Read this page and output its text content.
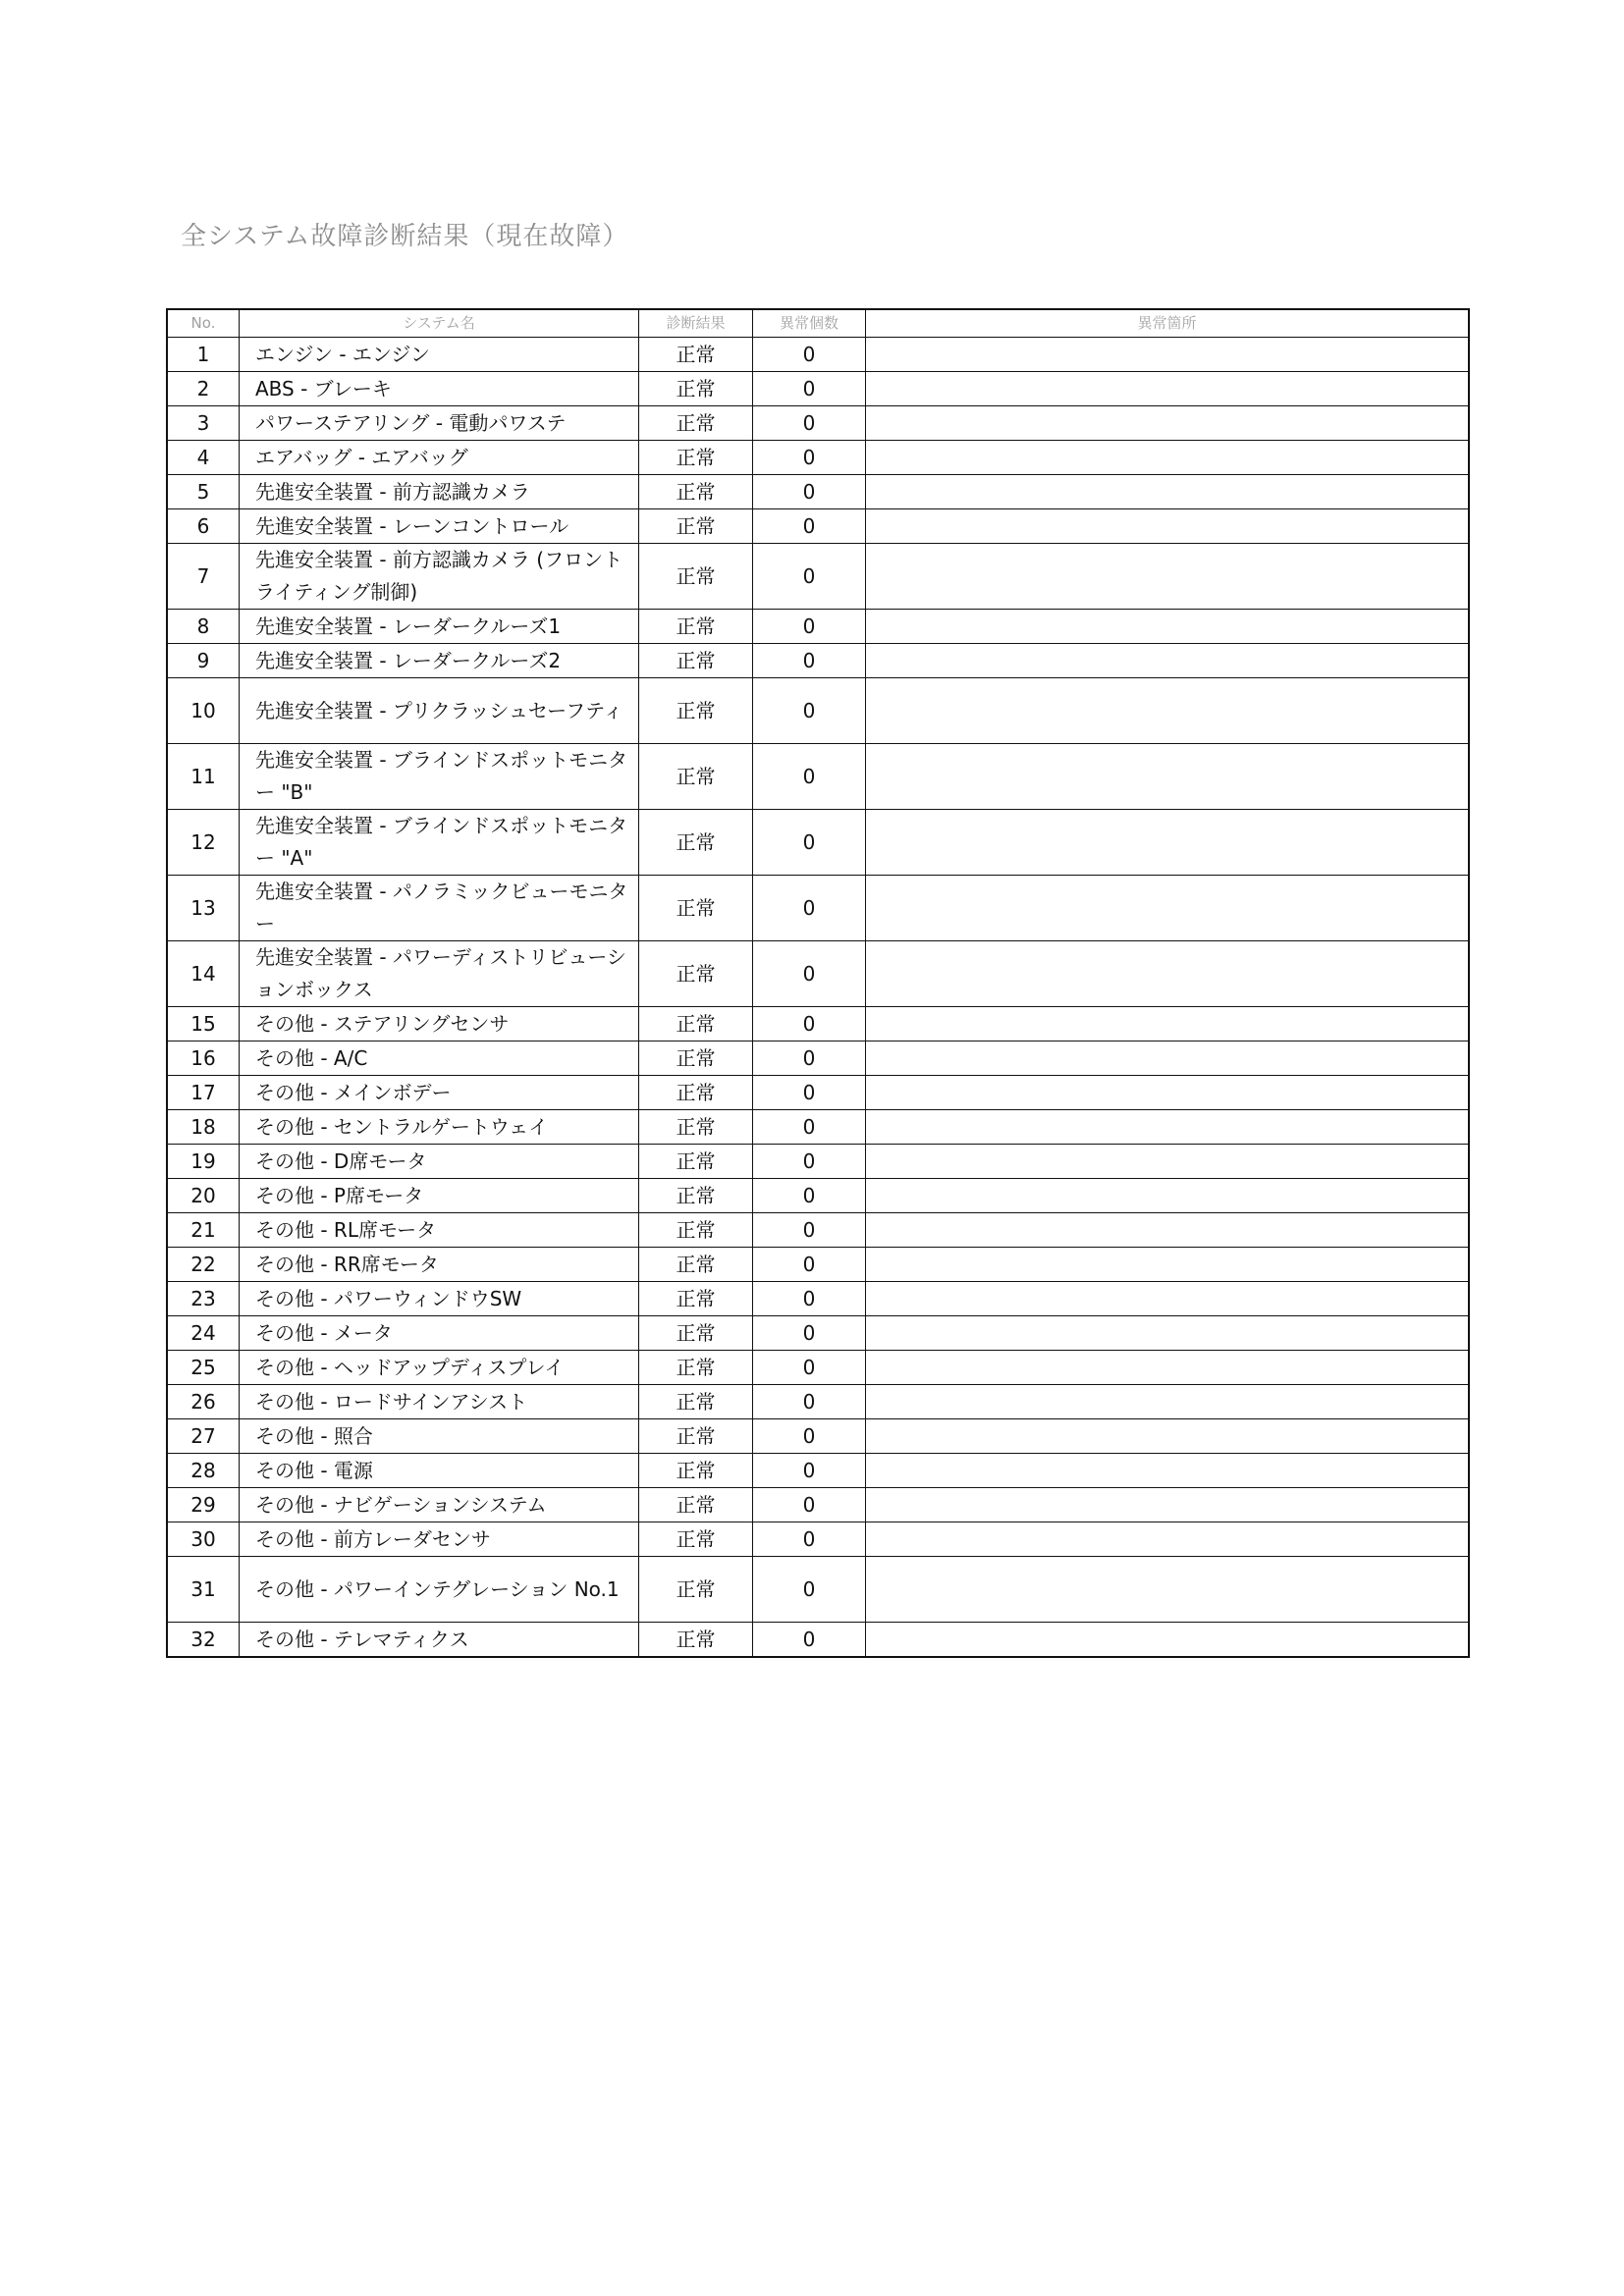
全システム故障診断結果（現在故障）
No.	システム名	診断結果	異常個数	異常箇所
1	エンジン - エンジン	正常	0	
2	ABS - ブレーキ	正常	0	
3	パワーステアリング - 電動パワステ	正常	0	
4	エアバッグ - エアバッグ	正常	0	
5	先進安全装置 - 前方認識カメラ	正常	0	
6	先進安全装置 - レーンコントロール	正常	0	
7	先進安全装置 - 前方認識カメラ (フロントライティング制御)	正常	0	
8	先進安全装置 - レーダークルーズ1	正常	0	
9	先進安全装置 - レーダークルーズ2	正常	0	
10	先進安全装置 - プリクラッシュセーフティ	正常	0	
11	先進安全装置 - ブラインドスポットモニター "B"	正常	0	
12	先進安全装置 - ブラインドスポットモニター "A"	正常	0	
13	先進安全装置 - パノラミックビューモニター	正常	0	
14	先進安全装置 - パワーディストリビューションボックス	正常	0	
15	その他 - ステアリングセンサ	正常	0	
16	その他 - A/C	正常	0	
17	その他 - メインボデー	正常	0	
18	その他 - セントラルゲートウェイ	正常	0	
19	その他 - D席モータ	正常	0	
20	その他 - P席モータ	正常	0	
21	その他 - RL席モータ	正常	0	
22	その他 - RR席モータ	正常	0	
23	その他 - パワーウィンドウSW	正常	0	
24	その他 - メータ	正常	0	
25	その他 - ヘッドアップディスプレイ	正常	0	
26	その他 - ロードサインアシスト	正常	0	
27	その他 - 照合	正常	0	
28	その他 - 電源	正常	0	
29	その他 - ナビゲーションシステム	正常	0	
30	その他 - 前方レーダセンサ	正常	0	
31	その他 - パワーインテグレーション No.1	正常	0	
32	その他 - テレマティクス	正常	0	
